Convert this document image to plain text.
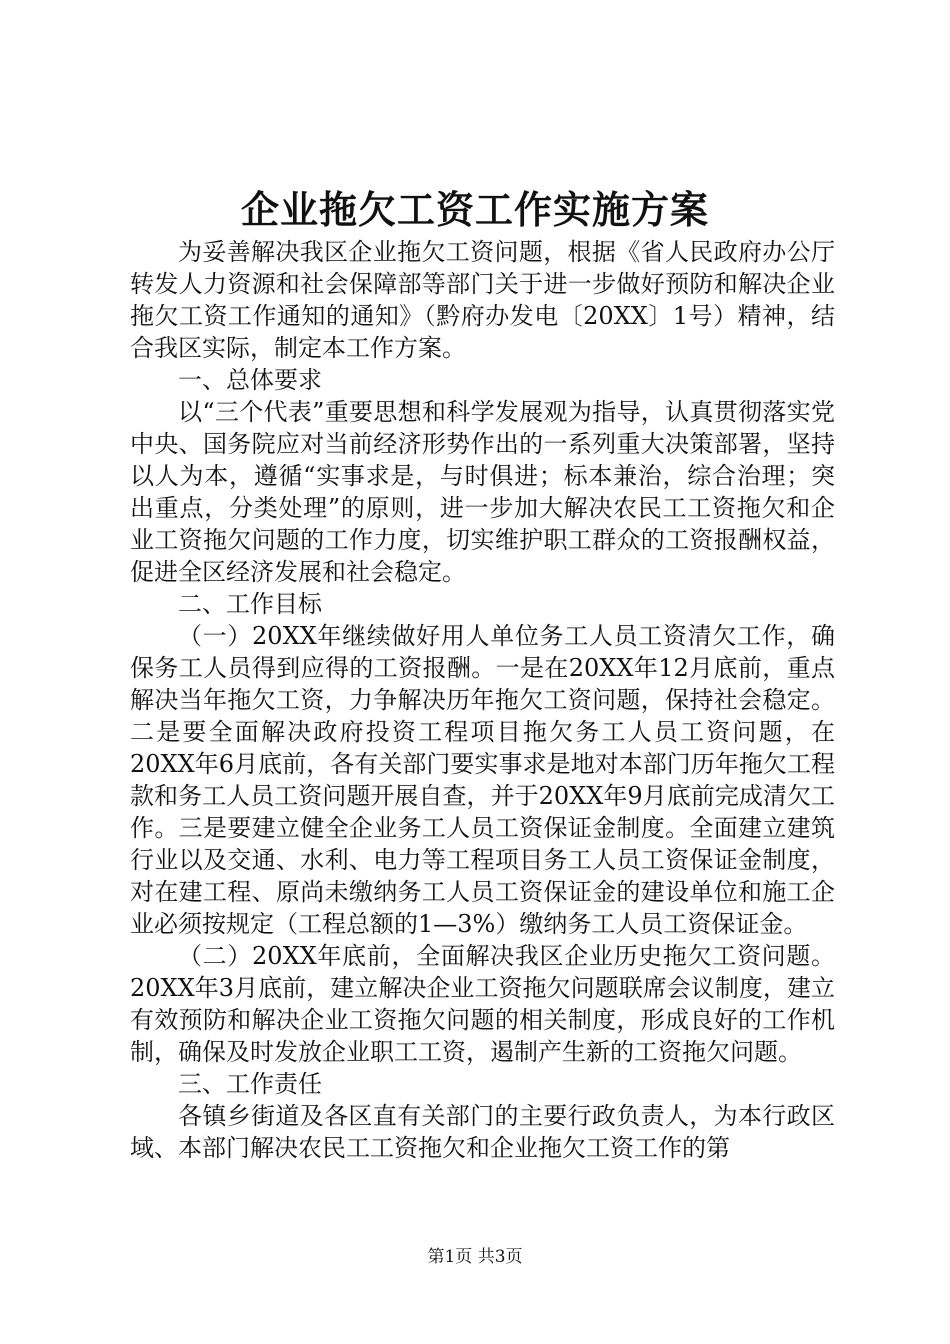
企业拖欠工资工作实施方案

为妥善解决我区企业拖欠工资问题，根据《省人民政府办公厅转发人力资源和社会保障部等部门关于进一步做好预防和解决企业拖欠工资工作通知的通知》（黔府办发电〔20XX〕1号）精神，结合我区实际，制定本工作方案。

一、总体要求

以“三个代表”重要思想和科学发展观为指导，认真贯彻落实党中央、国务院应对当前经济形势作出的一系列重大决策部署，坚持以人为本，遵循“实事求是，与时俱进；标本兼治，综合治理；突出重点，分类处理”的原则，进一步加大解决农民工工资拖欠和企业工资拖欠问题的工作力度，切实维护职工群众的工资报酬权益，促进全区经济发展和社会稳定。

二、工作目标

（一）20XX年继续做好用人单位务工人员工资清欠工作，确保务工人员得到应得的工资报酬。一是在20XX年12月底前，重点解决当年拖欠工资，力争解决历年拖欠工资问题，保持社会稳定。二是要全面解决政府投资工程项目拖欠务工人员工资问题，在20XX年6月底前，各有关部门要实事求是地对本部门历年拖欠工程款和务工人员工资问题开展自查，并于20XX年9月底前完成清欠工作。三是要建立健全企业务工人员工资保证金制度。全面建立建筑行业以及交通、水利、电力等工程项目务工人员工资保证金制度，对在建工程、原尚未缴纳务工人员工资保证金的建设单位和施工企业必须按规定（工程总额的1—3%）缴纳务工人员工资保证金。

（二）20XX年底前，全面解决我区企业历史拖欠工资问题。20XX年3月底前，建立解决企业工资拖欠问题联席会议制度，建立有效预防和解决企业工资拖欠问题的相关制度，形成良好的工作机制，确保及时发放企业职工工资，遏制产生新的工资拖欠问题。

三、工作责任

各镇乡街道及各区直有关部门的主要行政负责人，为本行政区域、本部门解决农民工工资拖欠和企业拖欠工资工作的第

第1页 共3页
